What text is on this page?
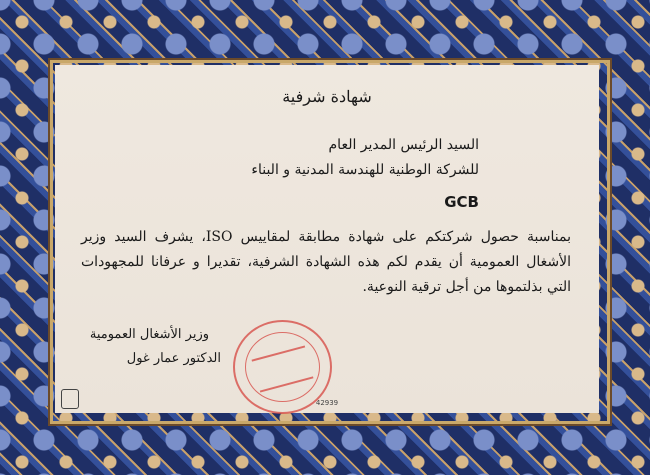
شهادة شرفية
السيد الرئيس المدير العام
للشركة الوطنية للهندسة المدنية و البناء
GCB
بمناسبة حصول شركتكم على شهادة مطابقة لمقاييس ISO، يشرف السيد وزير الأشغال العمومية أن يقدم لكم هذه الشهادة الشرفية، تقديرا و عرفانا للمجهودات التي بذلتموها من أجل ترقية النوعية.
وزير الأشغال العمومية
الدكتور عمار غول
42939
